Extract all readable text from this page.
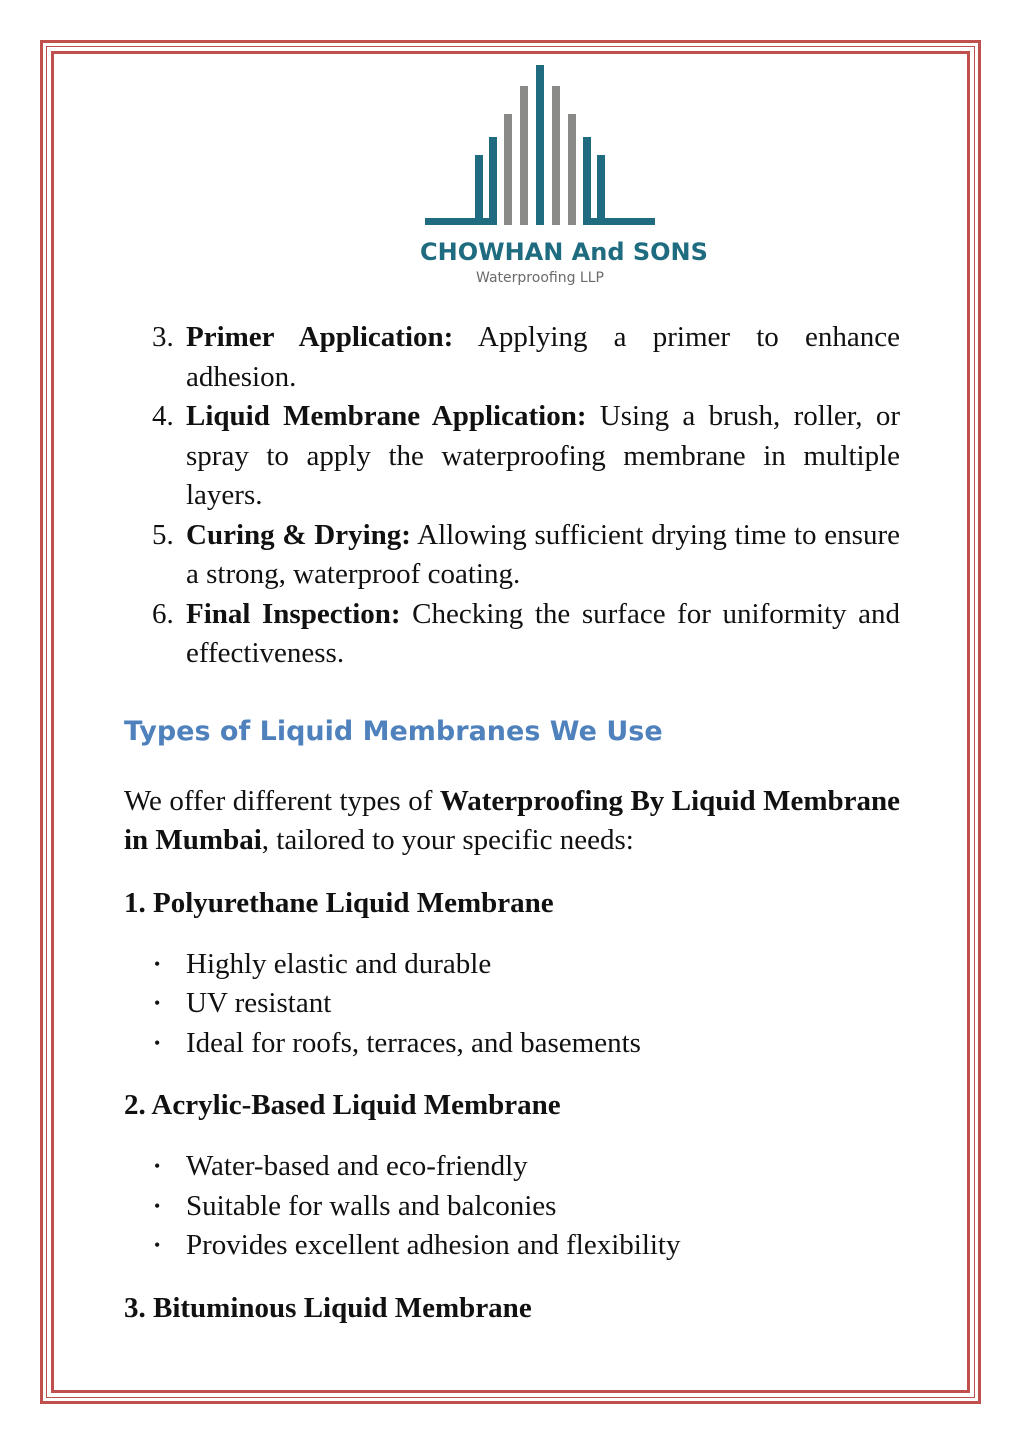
CHOWHAN And SONS
Waterproofing LLP
3. Primer Application: Applying a primer to enhance adhesion.
4. Liquid Membrane Application: Using a brush, roller, or spray to apply the waterproofing membrane in multiple layers.
5. Curing & Drying: Allowing sufficient drying time to ensure a strong, waterproof coating.
6. Final Inspection: Checking the surface for uniformity and effectiveness.
Types of Liquid Membranes We Use

We offer different types of Waterproofing By Liquid Membrane in Mumbai, tailored to your specific needs:

1. Polyurethane Liquid Membrane
• Highly elastic and durable
• UV resistant
• Ideal for roofs, terraces, and basements
2. Acrylic-Based Liquid Membrane
• Water-based and eco-friendly
• Suitable for walls and balconies
• Provides excellent adhesion and flexibility
3. Bituminous Liquid Membrane
